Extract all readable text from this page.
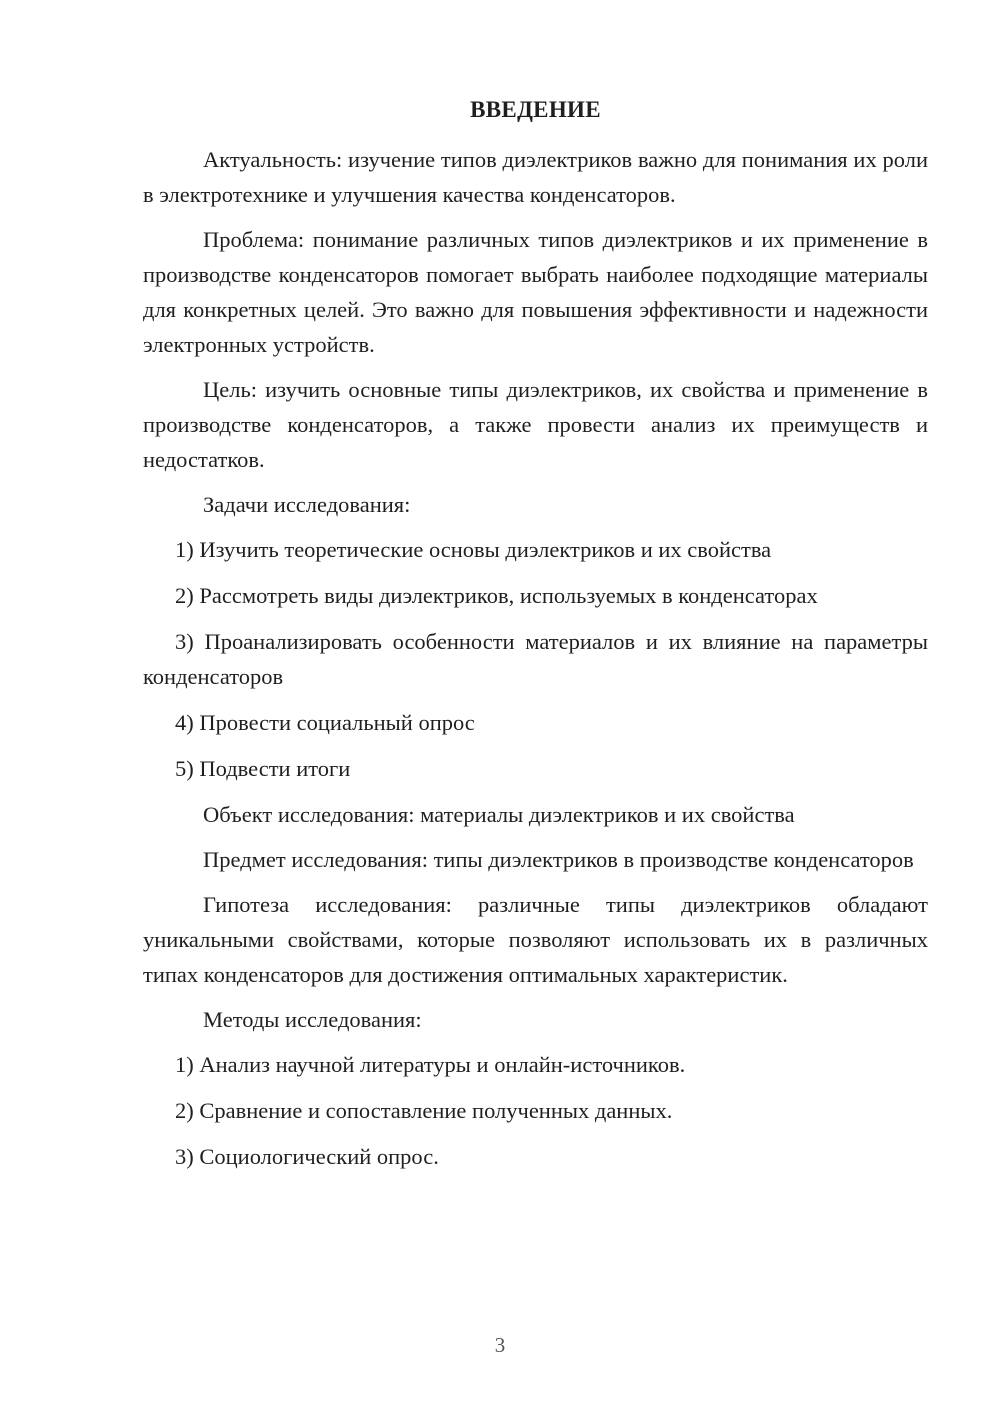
ВВЕДЕНИЕ

Актуальность: изучение типов диэлектриков важно для понимания их роли в электротехнике и улучшения качества конденсаторов.

Проблема: понимание различных типов диэлектриков и их применение в производстве конденсаторов помогает выбрать наиболее подходящие материалы для конкретных целей. Это важно для повышения эффективности и надежности электронных устройств.

Цель: изучить основные типы диэлектриков, их свойства и применение в производстве конденсаторов, а также провести анализ их преимуществ и недостатков.

Задачи исследования:

1) Изучить теоретические основы диэлектриков и их свойства

2) Рассмотреть виды диэлектриков, используемых в конденсаторах

3) Проанализировать особенности материалов и их влияние на параметры конденсаторов

4) Провести социальный опрос

5) Подвести итоги

Объект исследования: материалы диэлектриков и их свойства

Предмет исследования: типы диэлектриков в производстве конденсаторов

Гипотеза исследования: различные типы диэлектриков обладают уникальными свойствами, которые позволяют использовать их в различных типах конденсаторов для достижения оптимальных характеристик.

Методы исследования:

1) Анализ научной литературы и онлайн-источников.

2) Сравнение и сопоставление полученных данных.

3) Социологический опрос.

3
